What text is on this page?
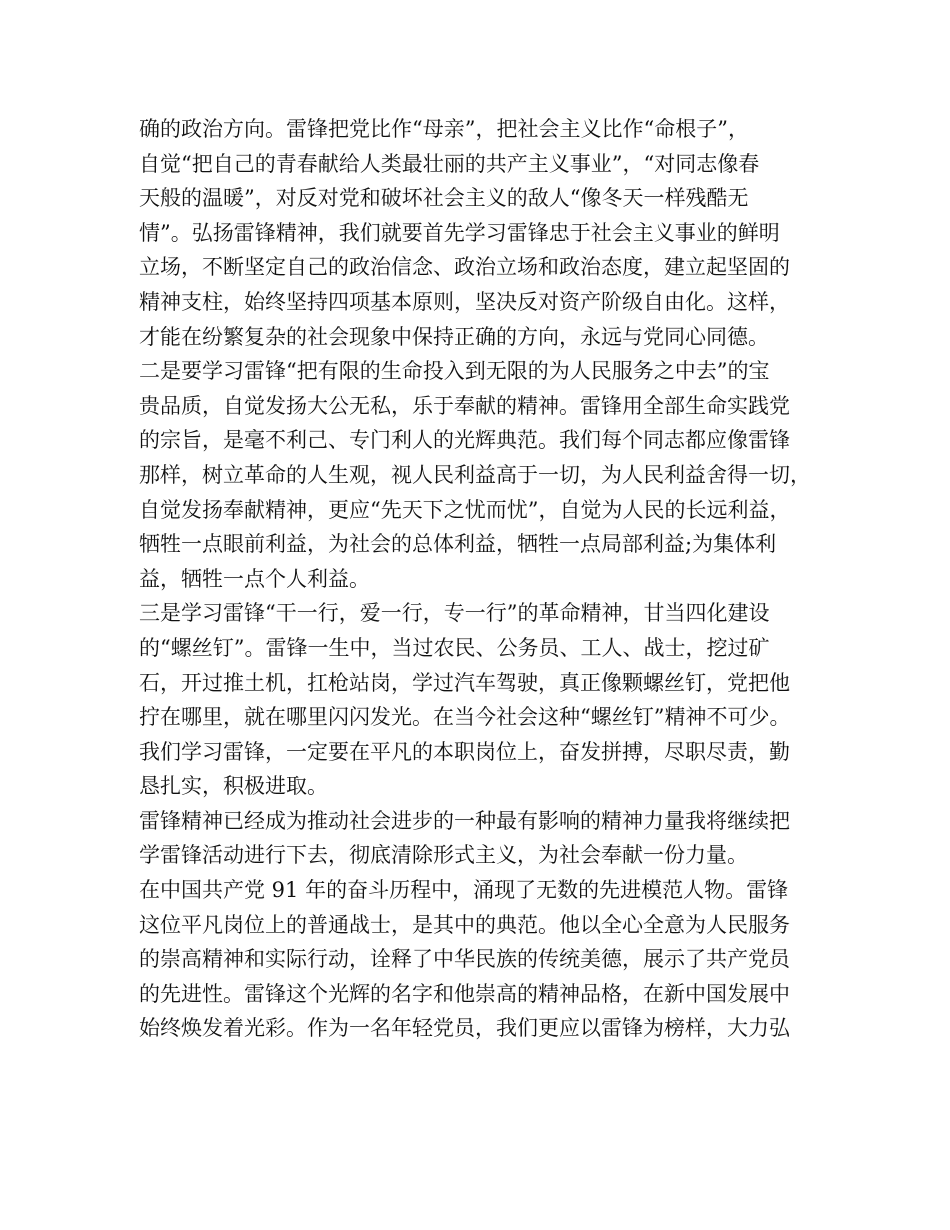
确的政治方向。雷锋把党比作“母亲”，把社会主义比作“命根子”，
自觉“把自己的青春献给人类最壮丽的共产主义事业”，“对同志像春
天般的温暖”，对反对党和破坏社会主义的敌人“像冬天一样残酷无
情”。弘扬雷锋精神，我们就要首先学习雷锋忠于社会主义事业的鲜明
立场，不断坚定自己的政治信念、政治立场和政治态度，建立起坚固的
精神支柱，始终坚持四项基本原则，坚决反对资产阶级自由化。这样，
才能在纷繁复杂的社会现象中保持正确的方向，永远与党同心同德。
二是要学习雷锋“把有限的生命投入到无限的为人民服务之中去”的宝
贵品质，自觉发扬大公无私，乐于奉献的精神。雷锋用全部生命实践党
的宗旨，是毫不利己、专门利人的光辉典范。我们每个同志都应像雷锋
那样，树立革命的人生观，视人民利益高于一切，为人民利益舍得一切，
自觉发扬奉献精神，更应“先天下之忧而忧”，自觉为人民的长远利益，
牺牲一点眼前利益，为社会的总体利益，牺牲一点局部利益;为集体利
益，牺牲一点个人利益。
三是学习雷锋“干一行，爱一行，专一行”的革命精神，甘当四化建设
的“螺丝钉”。雷锋一生中，当过农民、公务员、工人、战士，挖过矿
石，开过推土机，扛枪站岗，学过汽车驾驶，真正像颗螺丝钉，党把他
拧在哪里，就在哪里闪闪发光。在当今社会这种“螺丝钉”精神不可少。
我们学习雷锋，一定要在平凡的本职岗位上，奋发拼搏，尽职尽责，勤
恳扎实，积极进取。
雷锋精神已经成为推动社会进步的一种最有影响的精神力量我将继续把
学雷锋活动进行下去，彻底清除形式主义，为社会奉献一份力量。
在中国共产党 91 年的奋斗历程中，涌现了无数的先进模范人物。雷锋
这位平凡岗位上的普通战士，是其中的典范。他以全心全意为人民服务
的崇高精神和实际行动，诠释了中华民族的传统美德，展示了共产党员
的先进性。雷锋这个光辉的名字和他崇高的精神品格，在新中国发展中
始终焕发着光彩。作为一名年轻党员，我们更应以雷锋为榜样，大力弘
